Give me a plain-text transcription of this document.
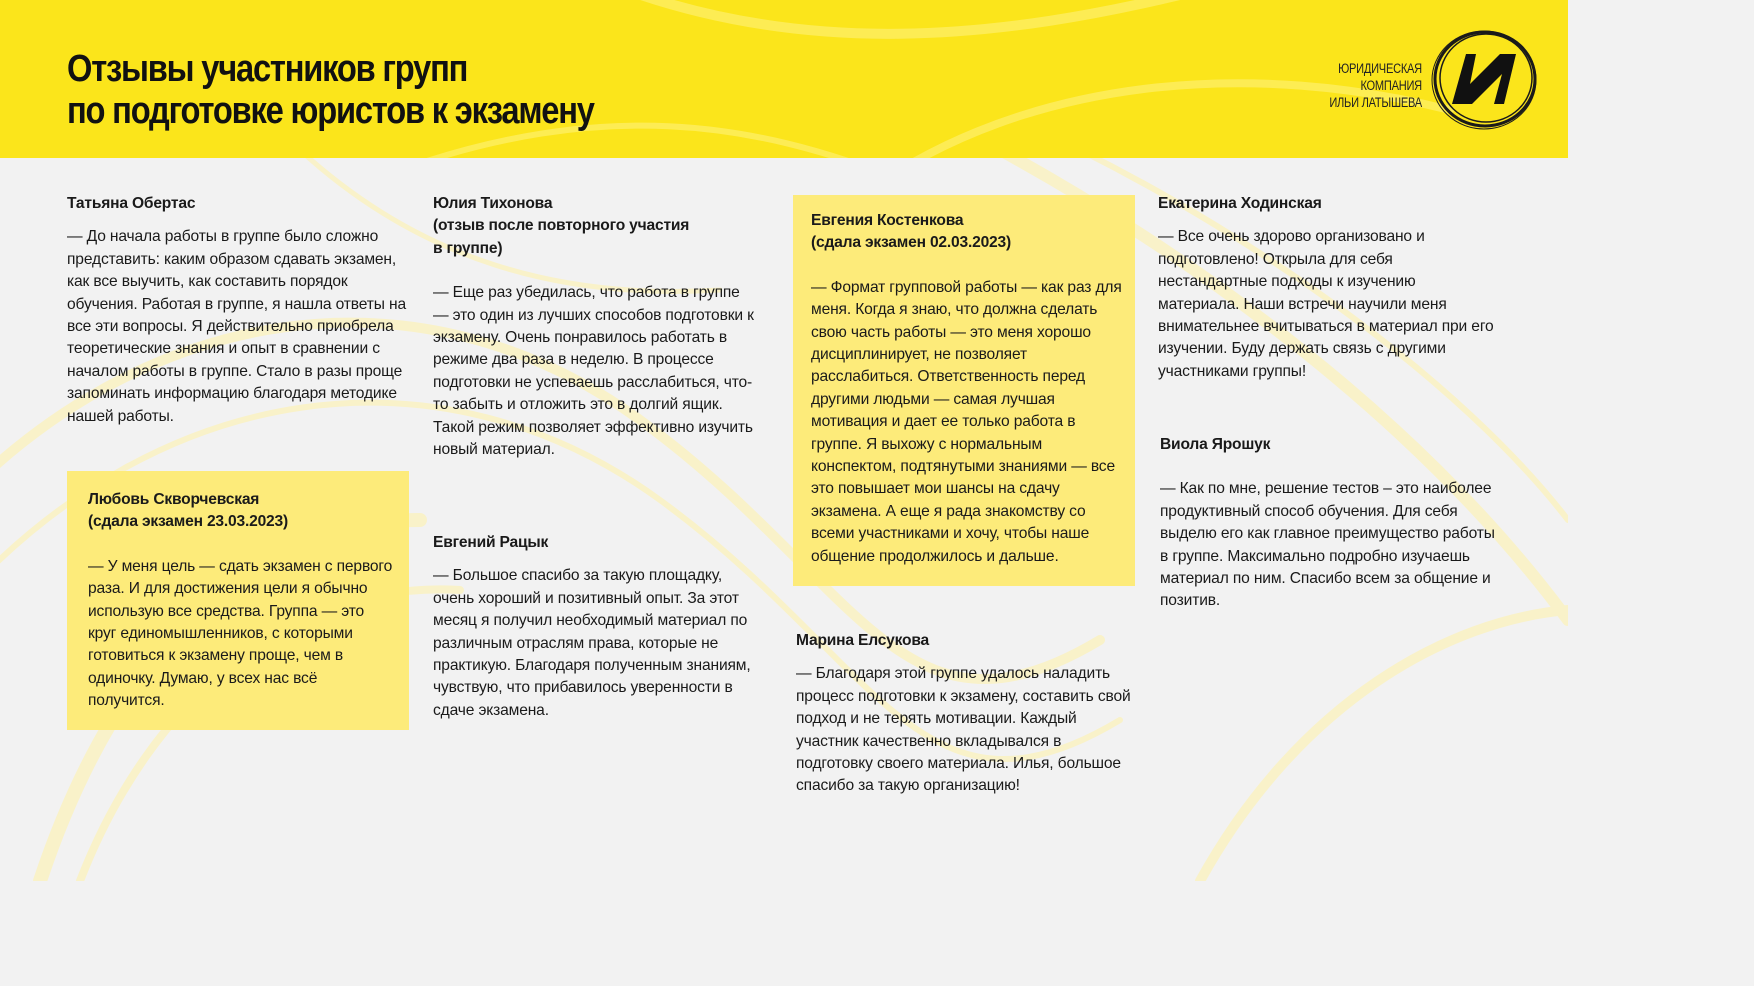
Отзывы участников групп
по подготовке юристов к экзамену
ЮРИДИЧЕСКАЯ
КОМПАНИЯ
ИЛЬИ ЛАТЫШЕВА

Татьяна Обертас

— До начала работы в группе было сложно представить: каким образом сдавать экзамен, как все выучить, как составить порядок обучения. Работая в группе, я нашла ответы на все эти вопросы. Я действительно приобрела теоретические знания и опыт в сравнении с началом работы в группе. Стало в разы проще запоминать информацию благодаря методике нашей работы.

Любовь Скворчевская
(сдала экзамен 23.03.2023)

— У меня цель — сдать экзамен с первого раза. И для достижения цели я обычно использую все средства. Группа — это круг единомышленников, с которыми готовиться к экзамену проще, чем в одиночку. Думаю, у всех нас всё получится.

Юлия Тихонова
(отзыв после повторного участия
в группе)

— Еще раз убедилась, что работа в группе — это один из лучших способов подготовки к экзамену. Очень понравилось работать в режиме два раза в неделю. В процессе подготовки не успеваешь расслабиться, что-то забыть и отложить это в долгий ящик. Такой режим позволяет эффективно изучить новый материал.

Евгений Рацык

— Большое спасибо за такую площадку, очень хороший и позитивный опыт. За этот месяц я получил необходимый материал по различным отраслям права, которые не практикую. Благодаря полученным знаниям, чувствую, что прибавилось уверенности в сдаче экзамена.

Евгения Костенкова
(сдала экзамен 02.03.2023)

— Формат групповой работы — как раз для меня. Когда я знаю, что должна сделать свою часть работы — это меня хорошо дисциплинирует, не позволяет расслабиться. Ответственность перед другими людьми — самая лучшая мотивация и дает ее только работа в группе. Я выхожу с нормальным конспектом, подтянутыми знаниями — все это повышает мои шансы на сдачу экзамена. А еще я рада знакомству со всеми участниками и хочу, чтобы наше общение продолжилось и дальше.

Марина Елсукова

— Благодаря этой группе удалось наладить процесс подготовки к экзамену, составить свой подход и не терять мотивации. Каждый участник качественно вкладывался в подготовку своего материала. Илья, большое спасибо за такую организацию!

Екатерина Ходинская

— Все очень здорово организовано и подготовлено! Открыла для себя нестандартные подходы к изучению материала. Наши встречи научили меня внимательнее вчитываться в материал при его изучении. Буду держать связь с другими участниками группы!

Виола Ярошук

— Как по мне, решение тестов – это наиболее продуктивный способ обучения. Для себя выделю его как главное преимущество работы в группе. Максимально подробно изучаешь материал по ним. Спасибо всем за общение и позитив.
